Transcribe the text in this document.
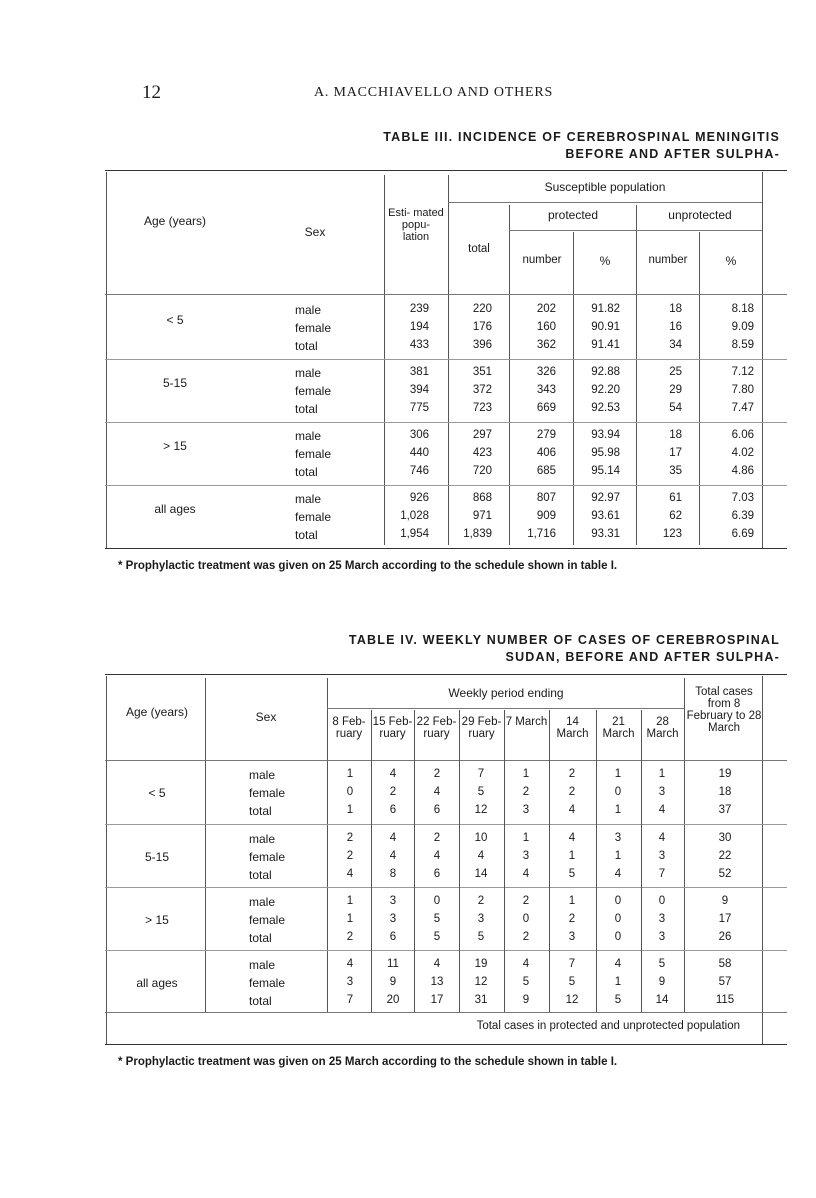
12	A. MACCHIAVELLO AND OTHERS
TABLE III. INCIDENCE OF CEREBROSPINAL MENINGITIS
BEFORE AND AFTER SULPHA-
Age (years)
Sex
Esti- mated popu- lation
Susceptible population
total
protected	unprotected
number	%	number	%
< 5
male	239	220	202	91.82	18	8.18
female	194	176	160	90.91	16	9.09
total	433	396	362	91.41	34	8.59
5-15
male	381	351	326	92.88	25	7.12
female	394	372	343	92.20	29	7.80
total	775	723	669	92.53	54	7.47
> 15
male	306	297	279	93.94	18	6.06
female	440	423	406	95.98	17	4.02
total	746	720	685	95.14	35	4.86
all ages
male	926	868	807	92.97	61	7.03
female	1,028	971	909	93.61	62	6.39
total	1,954	1,839	1,716	93.31	123	6.69
* Prophylactic treatment was given on 25 March according to the schedule shown in table I.
TABLE IV. WEEKLY NUMBER OF CASES OF CEREBROSPINAL
SUDAN, BEFORE AND AFTER SULPHA-
Age (years)	Sex
Weekly period ending	Total cases from 8 February to 28 March
8 Feb- ruary
15 Feb- ruary
22 Feb- ruary
29 Feb- ruary
7 March	14 March
21 March
28 March
< 5
male	1	4	2	7	1	2	1	1	19
female	0	2	4	5	2	2	0	3	18
total	1	6	6	12	3	4	1	4	37
5-15
male	2	4	2	10	1	4	3	4	30
female	2	4	4	4	3	1	1	3	22
total	4	8	6	14	4	5	4	7	52
> 15
male	1	3	0	2	2	1	0	0	9
female	1	3	5	3	0	2	0	3	17
total	2	6	5	5	2	3	0	3	26
all ages
male	4	11	4	19	4	7	4	5	58
female	3	9	13	12	5	5	1	9	57
total	7	20	17	31	9	12	5	14	115
Total cases in protected and unprotected population
* Prophylactic treatment was given on 25 March according to the schedule shown in table I.
